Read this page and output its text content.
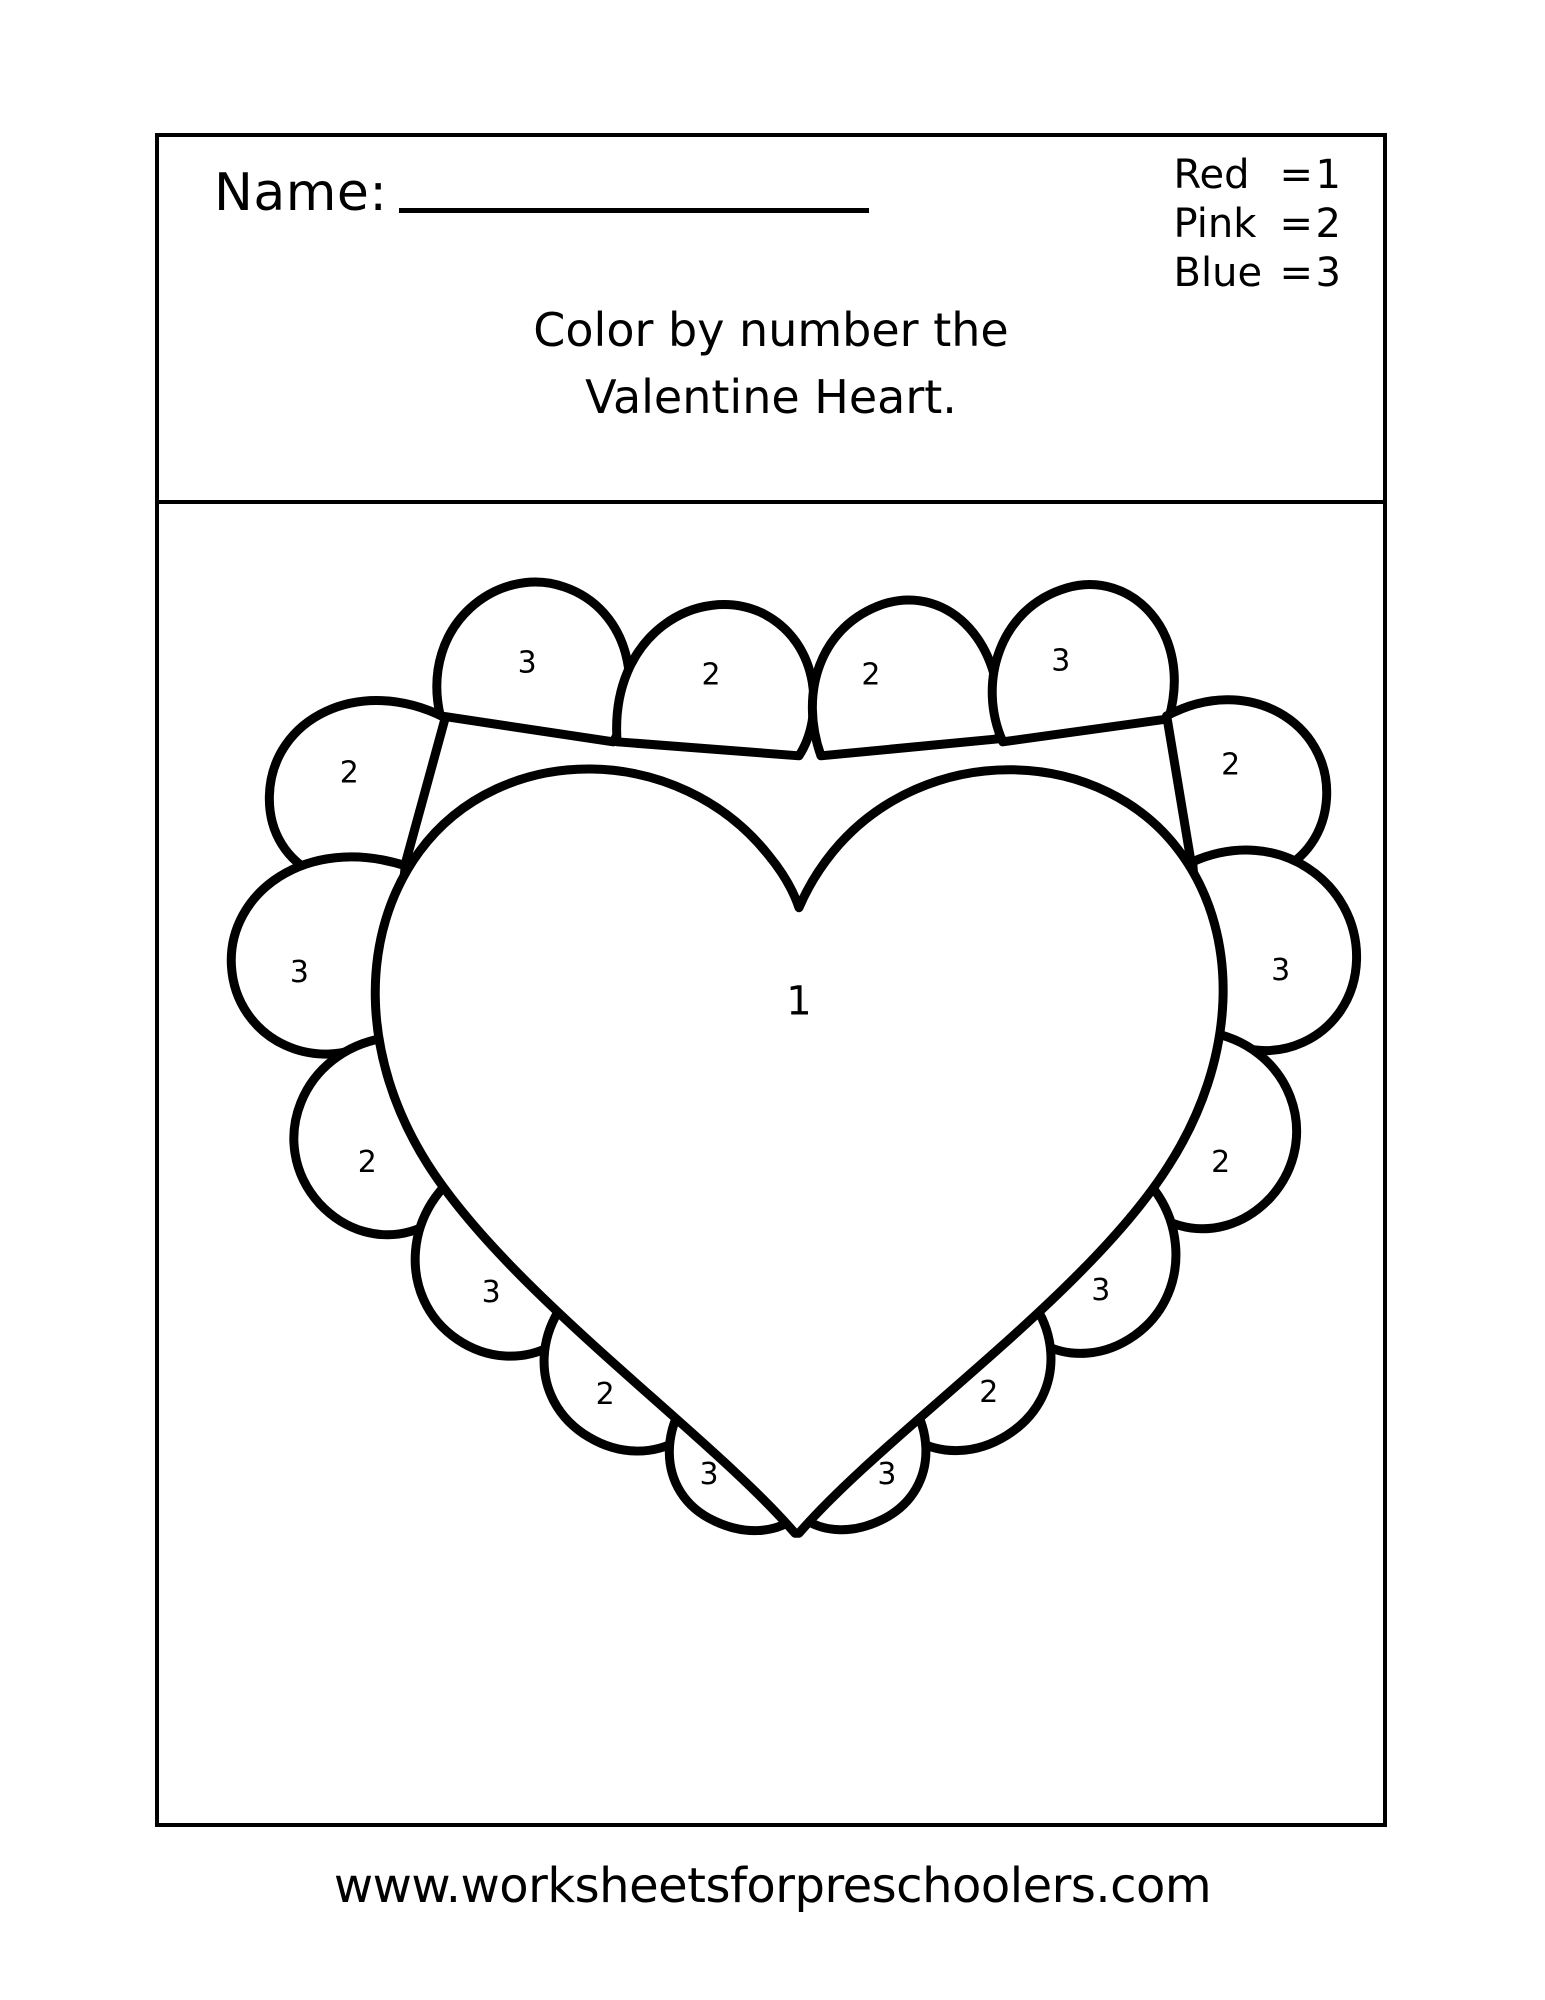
Name:	Red = 1
Pink = 2
Blue = 3
Color by number the
Valentine Heart.
3	2	2	3
2	2
3	3
2	2
3	3
2	2
3	3
1
www.worksheetsforpreschoolers.com
